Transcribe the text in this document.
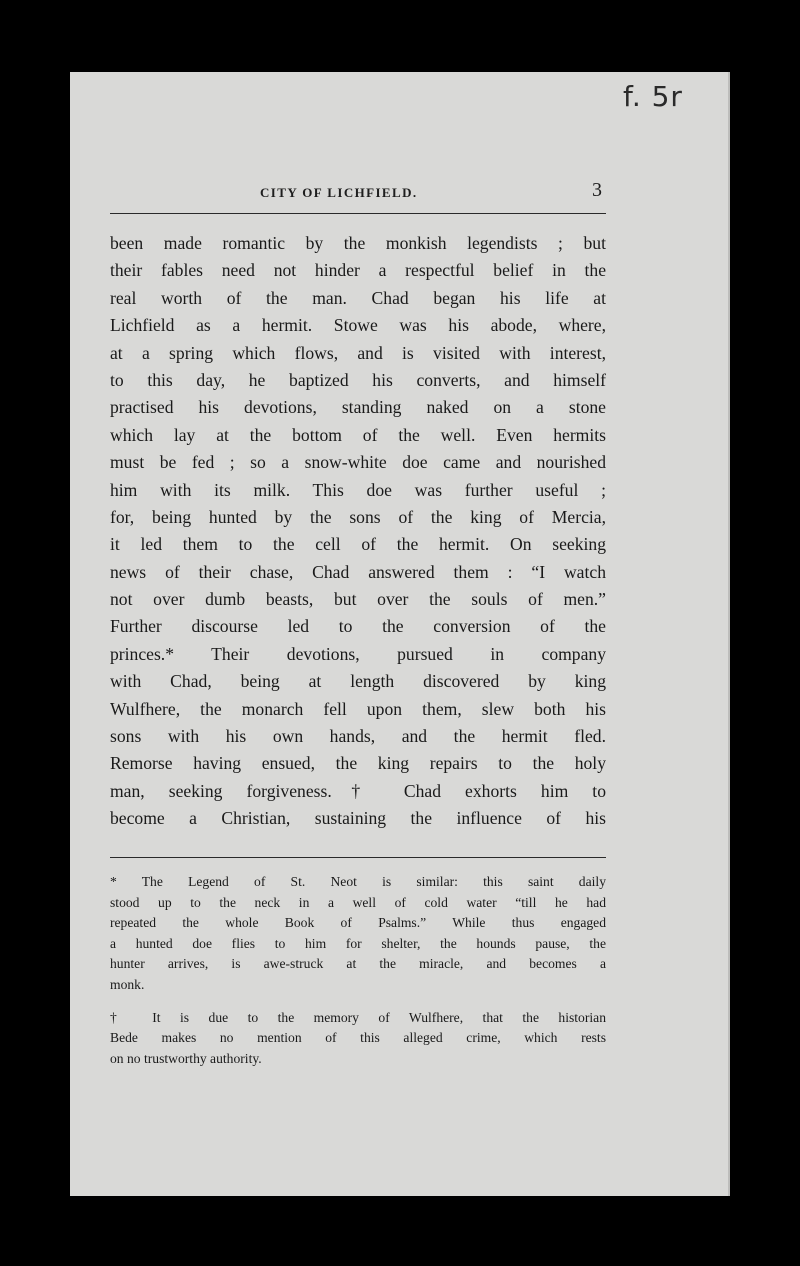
f. 5r
CITY OF LICHFIELD.	3
been made romantic by the monkish legendists ; but
their fables need not hinder a respectful belief in the
real worth of the man. Chad began his life at
Lichfield as a hermit. Stowe was his abode, where,
at a spring which flows, and is visited with interest,
to this day, he baptized his converts, and himself
practised his devotions, standing naked on a stone
which lay at the bottom of the well. Even hermits
must be fed ; so a snow-white doe came and nourished
him with its milk. This doe was further useful ;
for, being hunted by the sons of the king of Mercia,
it led them to the cell of the hermit. On seeking
news of their chase, Chad answered them : “I watch
not over dumb beasts, but over the souls of men.”
Further discourse led to the conversion of the
princes.* Their devotions, pursued in company
with Chad, being at length discovered by king
Wulfhere, the monarch fell upon them, slew both his
sons with his own hands, and the hermit fled.
Remorse having ensued, the king repairs to the holy
man, seeking forgiveness.† Chad exhorts him to
become a Christian, sustaining the influence of his
* The Legend of St. Neot is similar: this saint daily
stood up to the neck in a well of cold water “till he had
repeated the whole Book of Psalms.” While thus engaged
a hunted doe flies to him for shelter, the hounds pause, the
hunter arrives, is awe-struck at the miracle, and becomes a
monk.
† It is due to the memory of Wulfhere, that the historian
Bede makes no mention of this alleged crime, which rests
on no trustworthy authority.
